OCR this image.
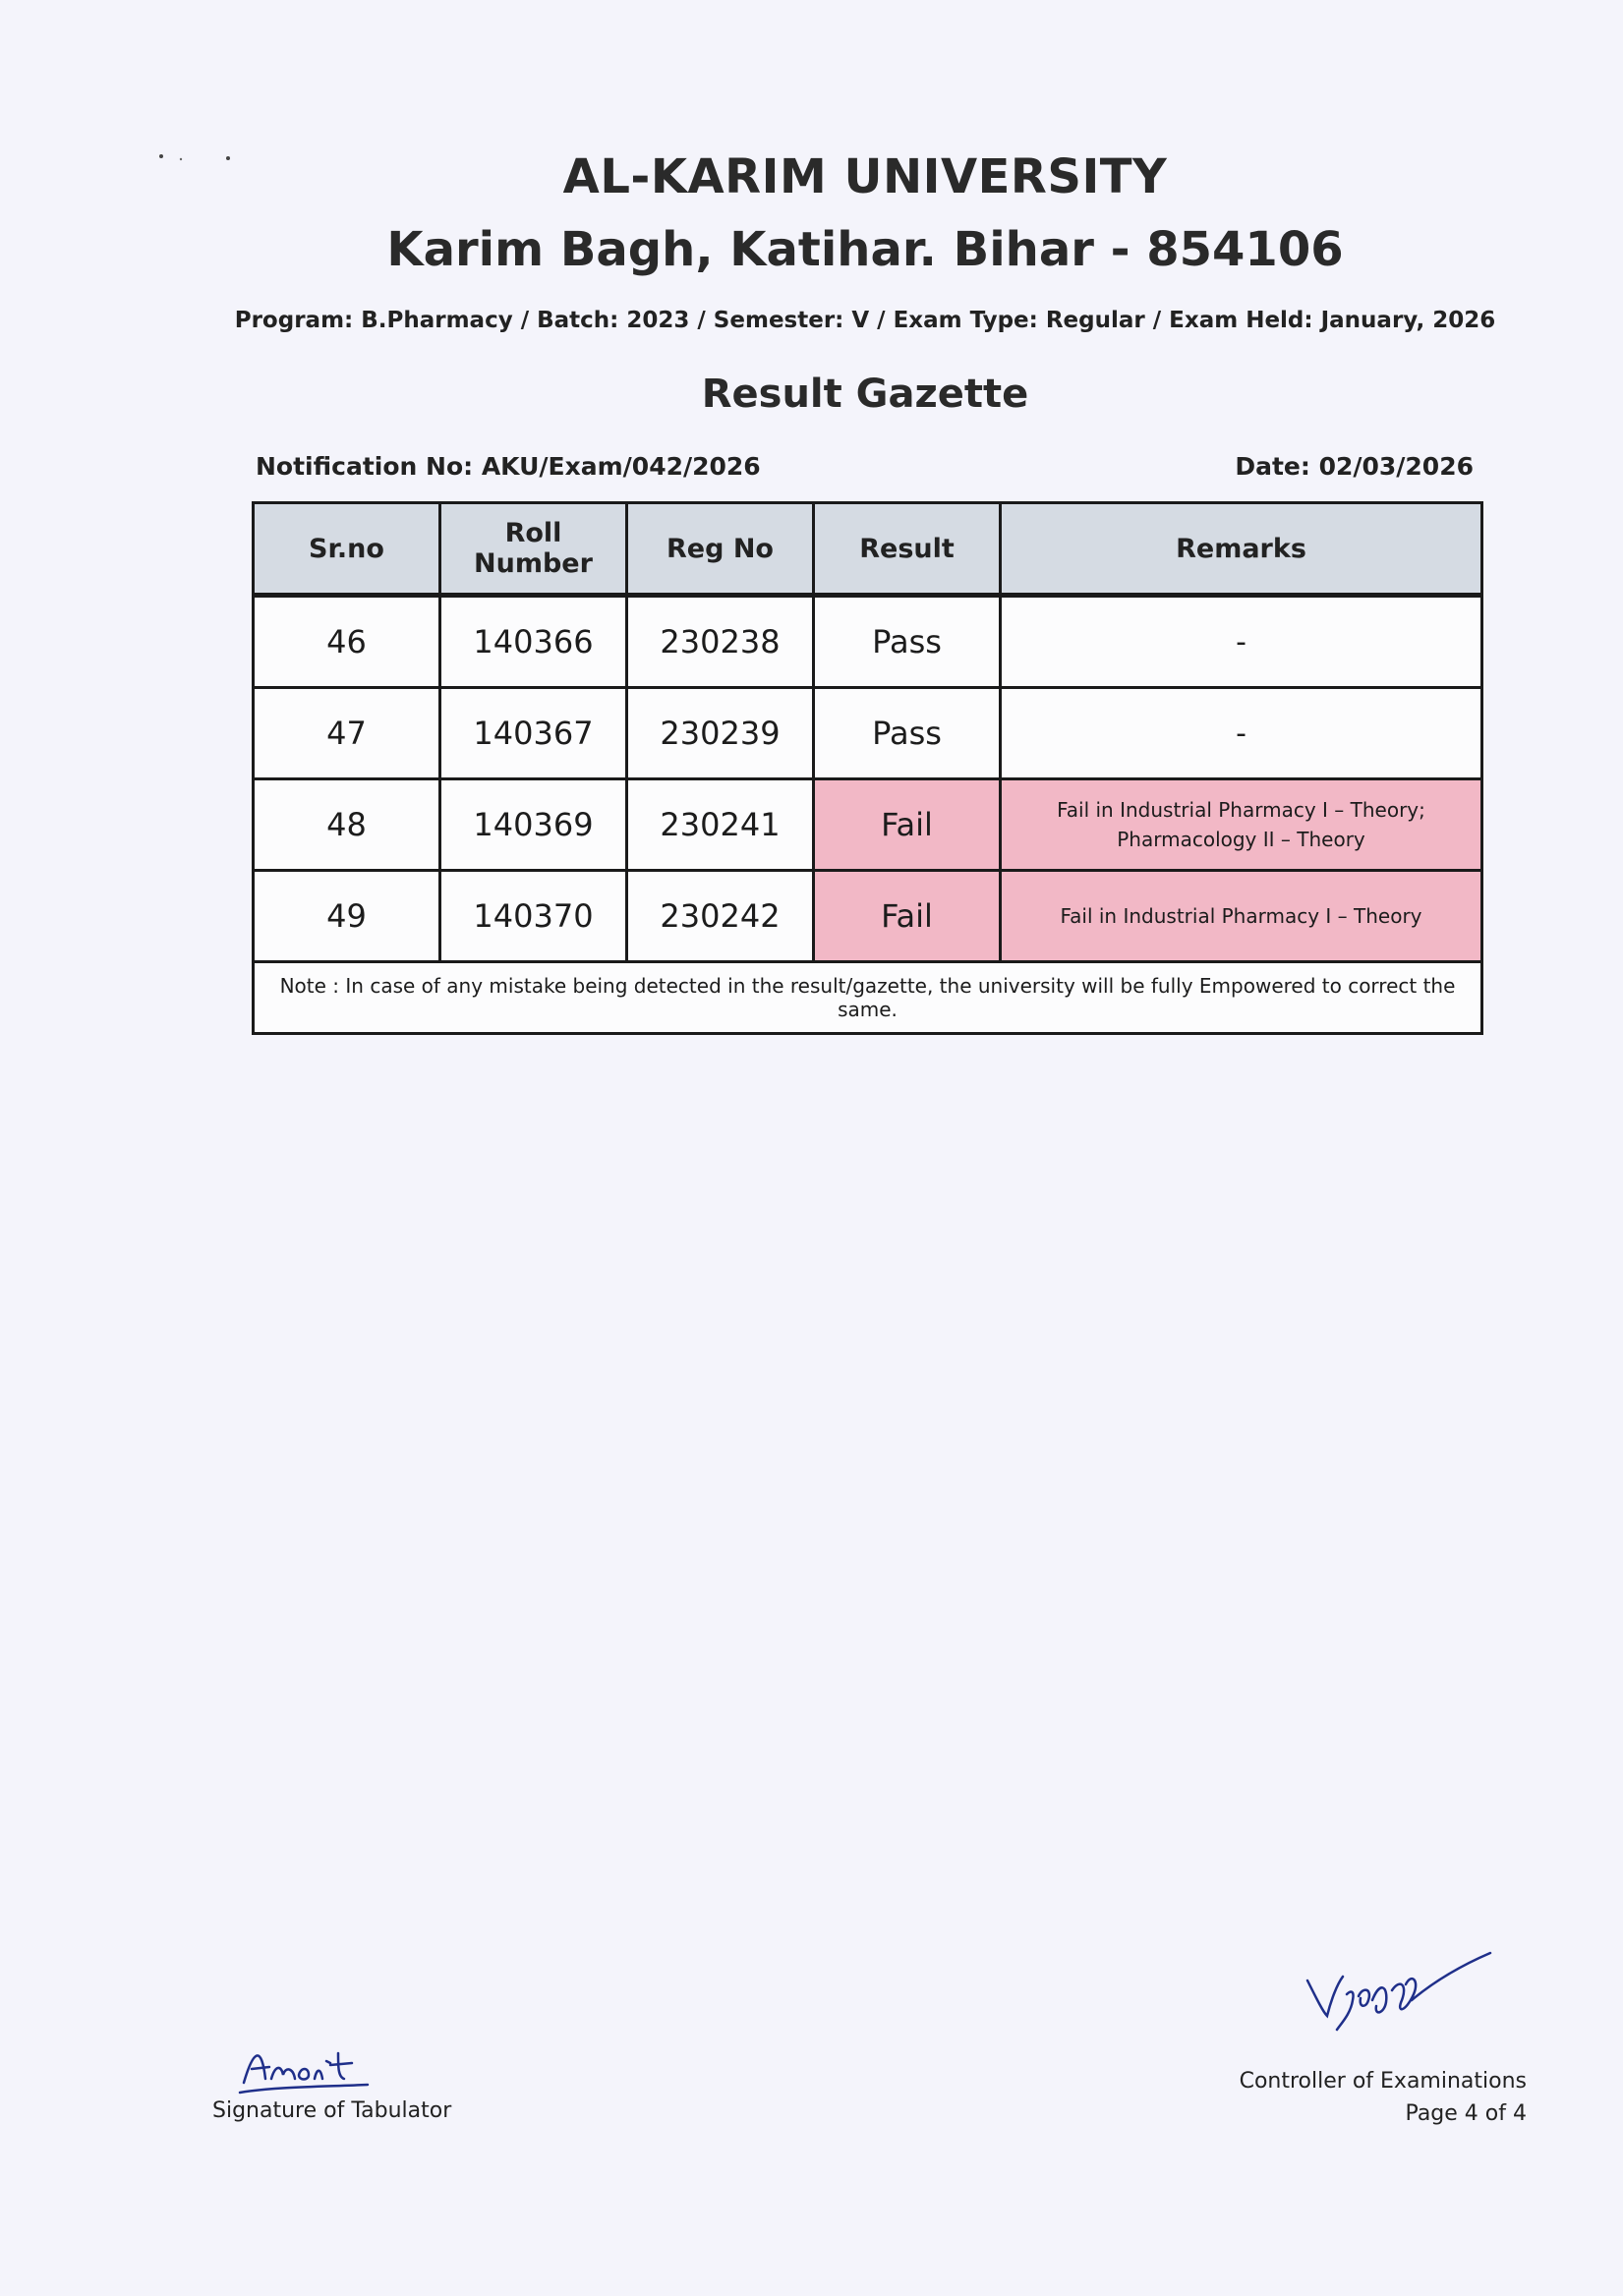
AL-KARIM UNIVERSITY
Karim Bagh, Katihar. Bihar - 854106
Program: B.Pharmacy / Batch: 2023 / Semester: V / Exam Type: Regular / Exam Held: January, 2026
Result Gazette
Notification No: AKU/Exam/042/2026	Date: 02/03/2026
Sr.no	Roll Number	Reg No	Result	Remarks
46	140366	230238	Pass	-

47	140367	230239	Pass	-

48	140369	230241	Fail	Fail in Industrial Pharmacy I – Theory;
Pharmacology II – Theory

49	140370	230242	Fail	Fail in Industrial Pharmacy I – Theory

Note : In case of any mistake being detected in the result/gazette, the university will be fully Empowered to correct the same.				
Signature of Tabulator
Controller of Examinations
Page 4 of 4
